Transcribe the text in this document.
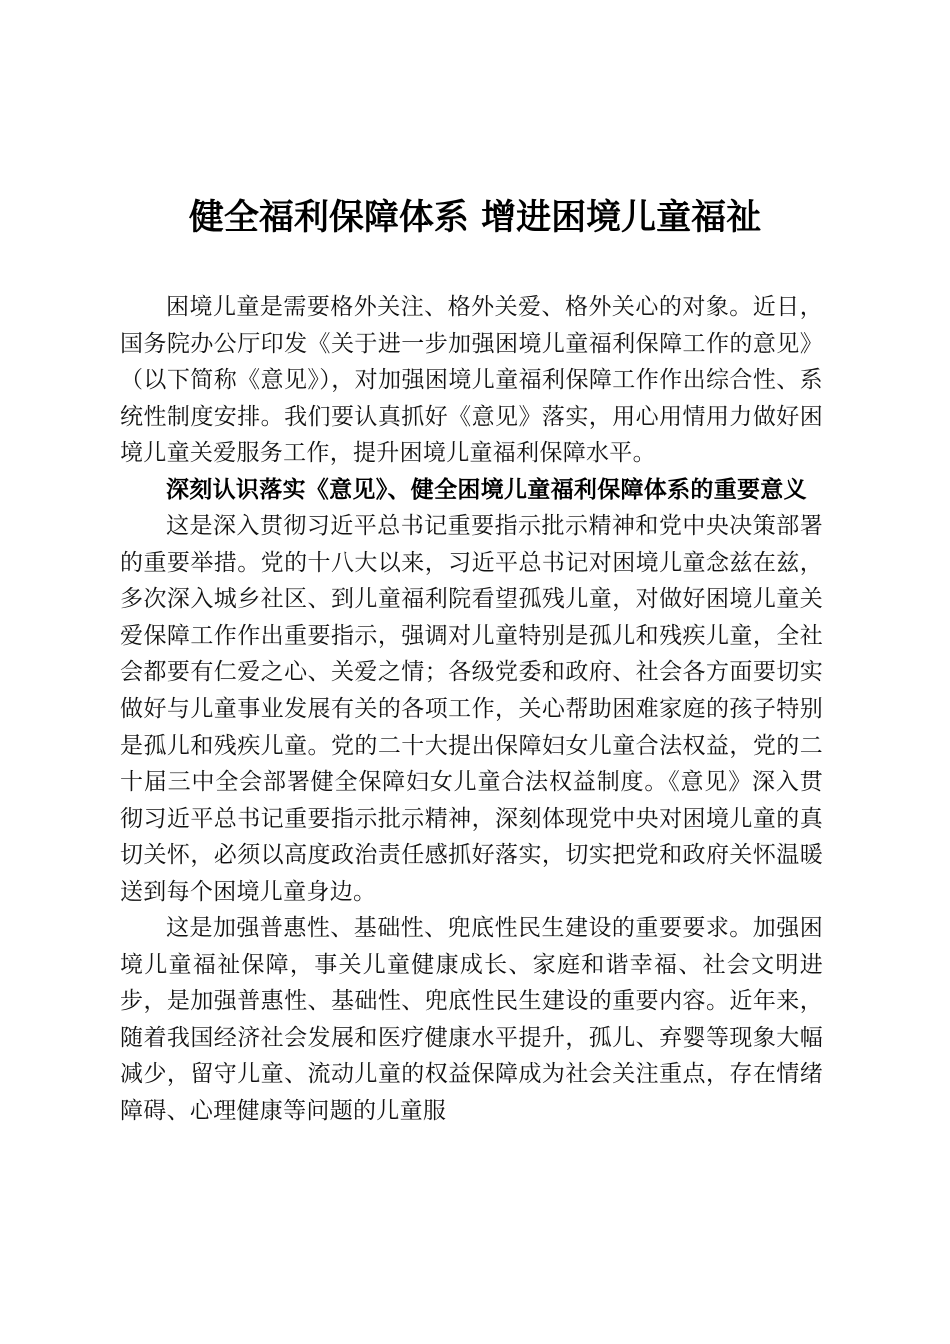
健全福利保障体系 增进困境儿童福祉

困境儿童是需要格外关注、格外关爱、格外关心的对象。近日，国务院办公厅印发《关于进一步加强困境儿童福利保障工作的意见》（以下简称《意见》），对加强困境儿童福利保障工作作出综合性、系统性制度安排。我们要认真抓好《意见》落实，用心用情用力做好困境儿童关爱服务工作，提升困境儿童福利保障水平。

深刻认识落实《意见》、健全困境儿童福利保障体系的重要意义

这是深入贯彻习近平总书记重要指示批示精神和党中央决策部署的重要举措。党的十八大以来，习近平总书记对困境儿童念兹在兹，多次深入城乡社区、到儿童福利院看望孤残儿童，对做好困境儿童关爱保障工作作出重要指示，强调对儿童特别是孤儿和残疾儿童，全社会都要有仁爱之心、关爱之情；各级党委和政府、社会各方面要切实做好与儿童事业发展有关的各项工作，关心帮助困难家庭的孩子特别是孤儿和残疾儿童。党的二十大提出保障妇女儿童合法权益，党的二十届三中全会部署健全保障妇女儿童合法权益制度。《意见》深入贯彻习近平总书记重要指示批示精神，深刻体现党中央对困境儿童的真切关怀，必须以高度政治责任感抓好落实，切实把党和政府关怀温暖送到每个困境儿童身边。

这是加强普惠性、基础性、兜底性民生建设的重要要求。加强困境儿童福祉保障，事关儿童健康成长、家庭和谐幸福、社会文明进步，是加强普惠性、基础性、兜底性民生建设的重要内容。近年来，随着我国经济社会发展和医疗健康水平提升，孤儿、弃婴等现象大幅减少，留守儿童、流动儿童的权益保障成为社会关注重点，存在情绪障碍、心理健康等问题的儿童服
